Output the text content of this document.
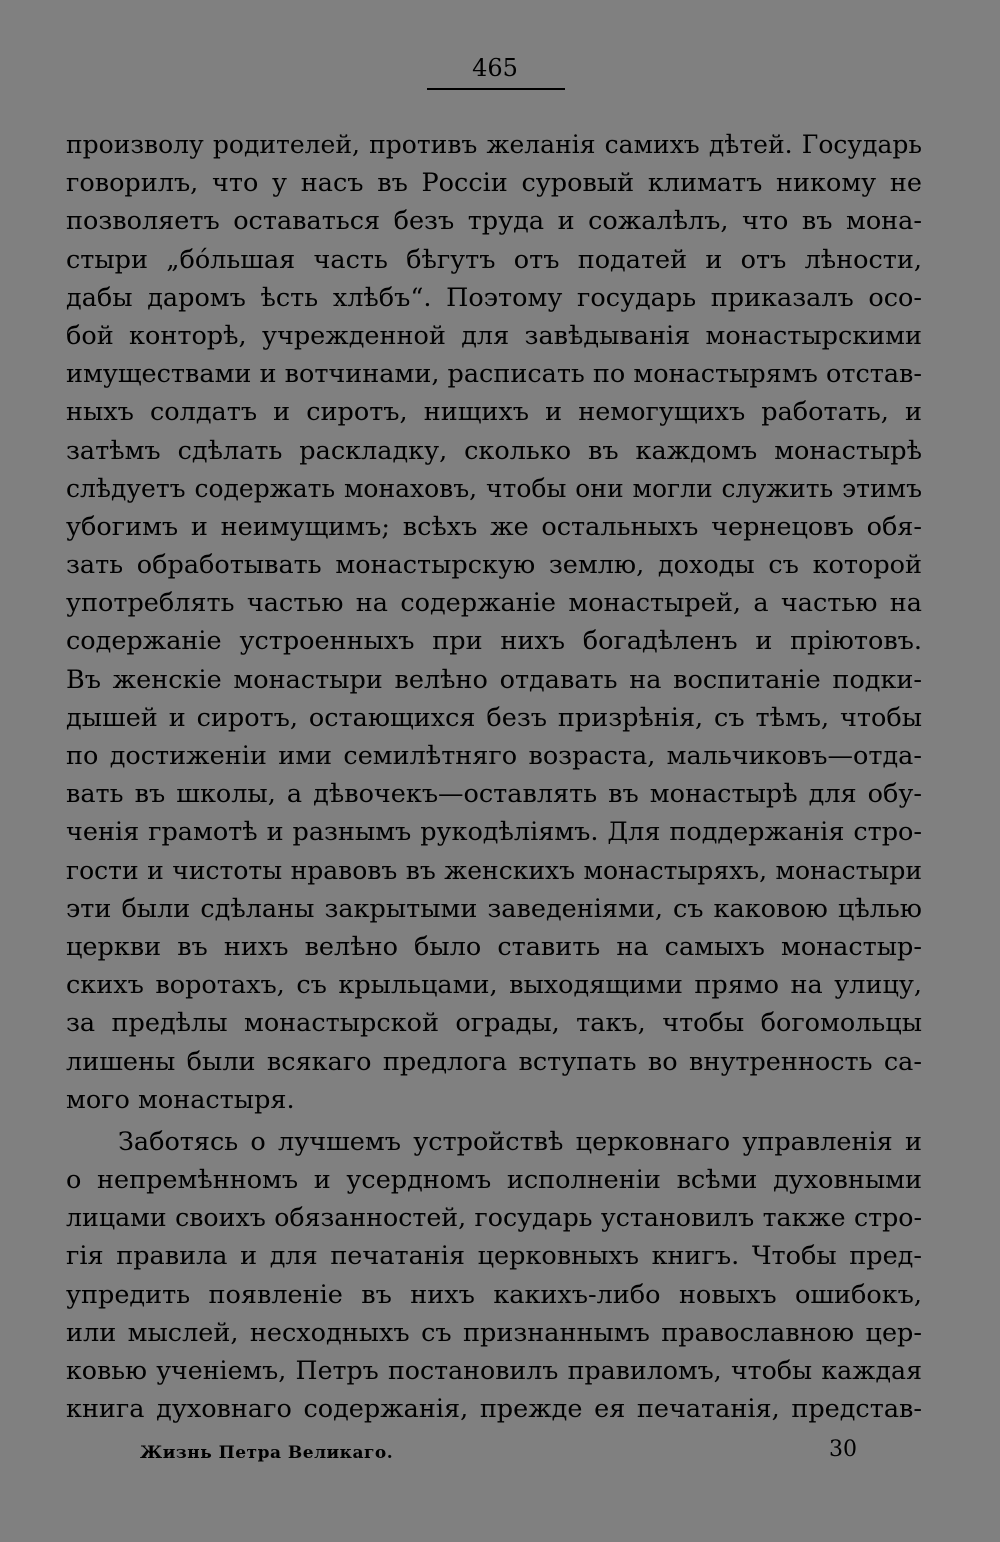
465
произволу родителей, противъ желанія самихъ дѣтей. Государь
говорилъ, что у насъ въ Россіи суровый климатъ никому не
позволяетъ оставаться безъ труда и сожалѣлъ, что въ мона-
стыри „бóльшая часть бѣгутъ отъ податей и отъ лѣности,
дабы даромъ ѣсть хлѣбъ“. Поэтому государь приказалъ осо-
бой конторѣ, учрежденной для завѣдыванія монастырскими
имуществами и вотчинами, расписать по монастырямъ отстав-
ныхъ солдатъ и сиротъ, нищихъ и немогущихъ работать, и
затѣмъ сдѣлать раскладку, сколько въ каждомъ монастырѣ
слѣдуетъ содержать монаховъ, чтобы они могли служить этимъ
убогимъ и неимущимъ; всѣхъ же остальныхъ чернецовъ обя-
зать обработывать монастырскую землю, доходы съ которой
употреблять частью на содержаніе монастырей, а частью на
содержаніе устроенныхъ при нихъ богадѣленъ и пріютовъ.
Въ женскіе монастыри велѣно отдавать на воспитаніе подки-
дышей и сиротъ, остающихся безъ призрѣнія, съ тѣмъ, чтобы
по достиженіи ими семилѣтняго возраста, мальчиковъ—отда-
вать въ школы, а дѣвочекъ—оставлять въ монастырѣ для обу-
ченія грамотѣ и разнымъ рукодѣліямъ. Для поддержанія стро-
гости и чистоты нравовъ въ женскихъ монастыряхъ, монастыри
эти были сдѣланы закрытыми заведеніями, съ каковою цѣлью
церкви въ нихъ велѣно было ставить на самыхъ монастыр-
скихъ воротахъ, съ крыльцами, выходящими прямо на улицу,
за предѣлы монастырской ограды, такъ, чтобы богомольцы
лишены были всякаго предлога вступать во внутренность са-
мого монастыря.
Заботясь о лучшемъ устройствѣ церковнаго управленія и
о непремѣнномъ и усердномъ исполненіи всѣми духовными
лицами своихъ обязанностей, государь установилъ также стро-
гія правила и для печатанія церковныхъ книгъ. Чтобы пред-
упредить появленіе въ нихъ какихъ-либо новыхъ ошибокъ,
или мыслей, несходныхъ съ признаннымъ православною цер-
ковью ученіемъ, Петръ постановилъ правиломъ, чтобы каждая
книга духовнаго содержанія, прежде ея печатанія, представ-
Жизнь Петра Великаго.	30
